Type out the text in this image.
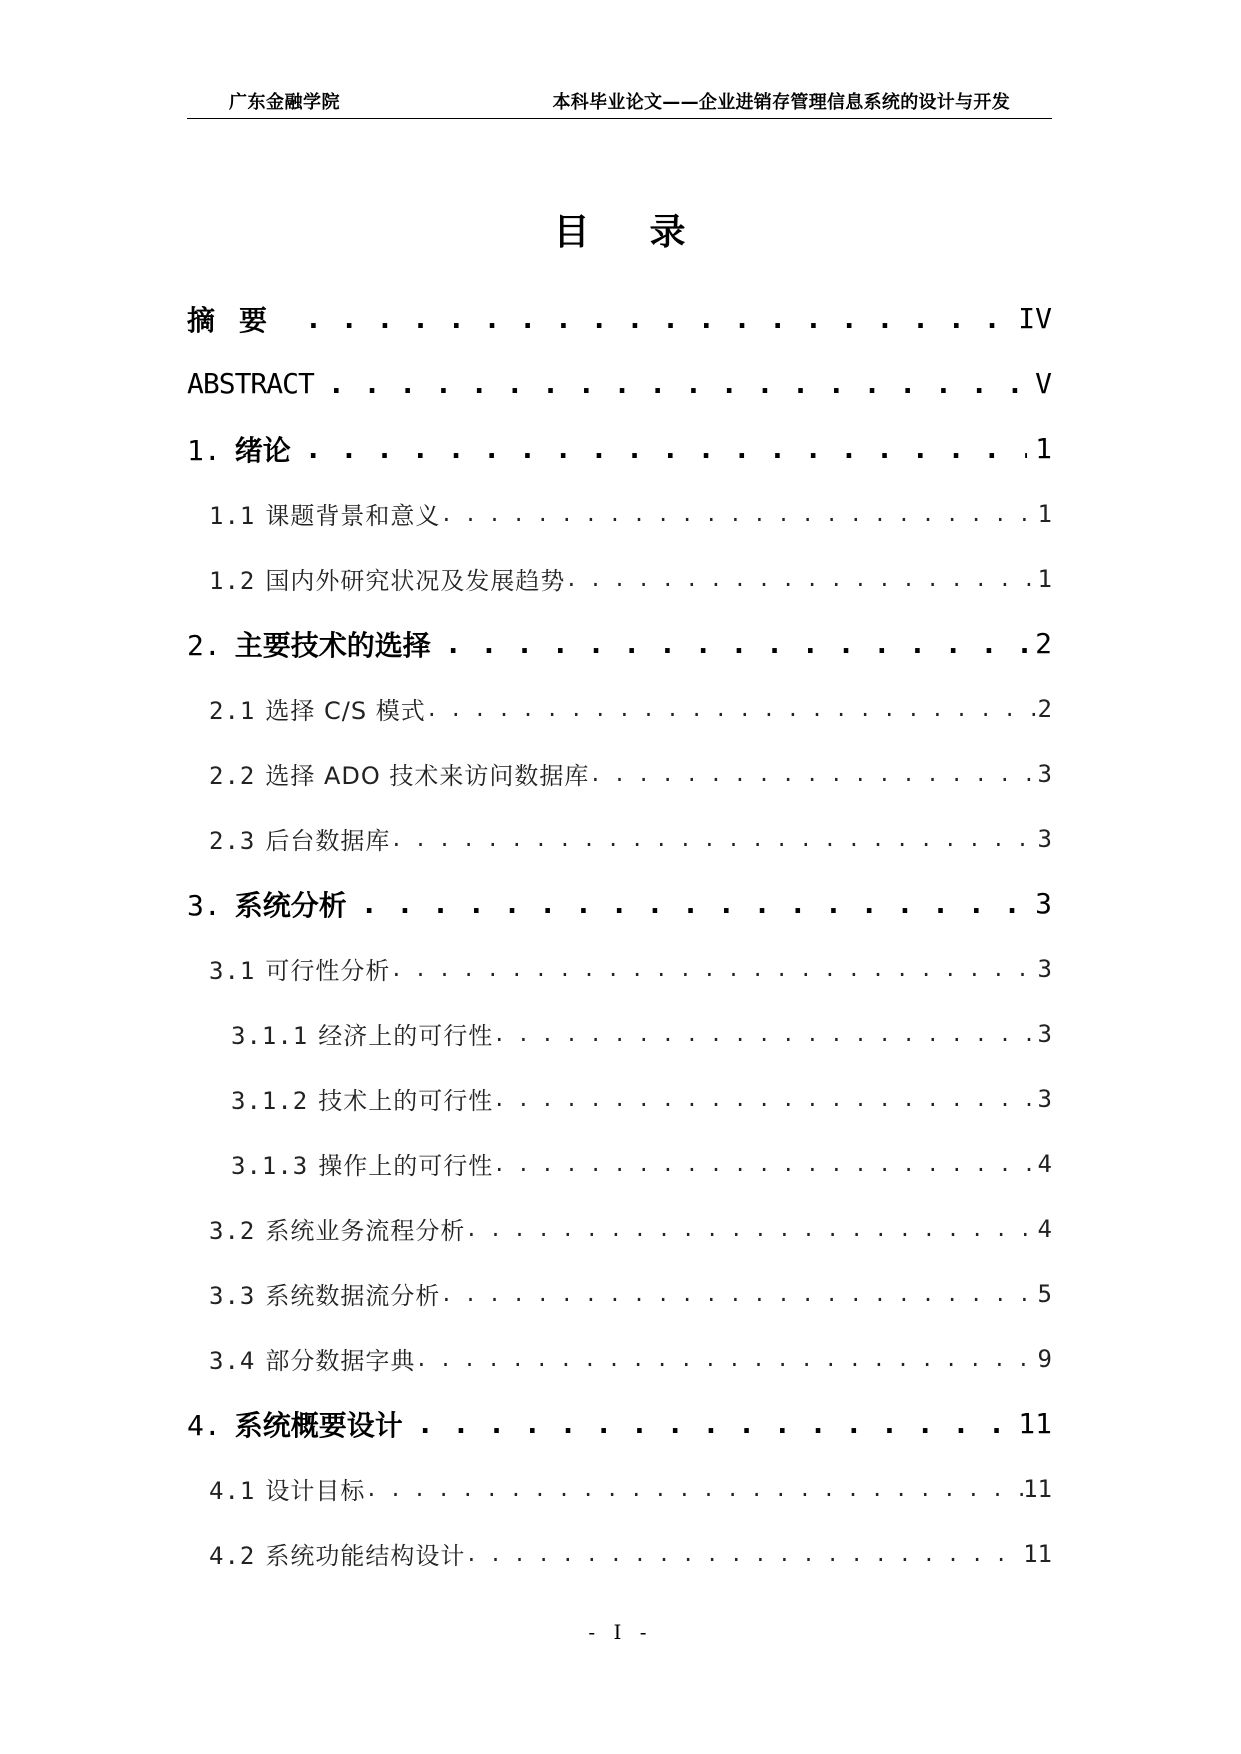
广东金融学院	本科毕业论文——企业进销存管理信息系统的设计与开发
目 录
摘要 . . .	IV
ABSTRACT . . .	V
1. 绪论 . . .	1
1.1 课题背景和意义 . . .	1
1.2 国内外研究状况及发展趋势 . . .	1
2. 主要技术的选择 . . .	2
2.1 选择 C/S 模式 . . .	2
2.2 选择 ADO 技术来访问数据库 . . .	3
2.3 后台数据库 . . .	3
3. 系统分析 . . .	3
3.1 可行性分析 . . .	3
3.1.1 经济上的可行性 . . .	3
3.1.2 技术上的可行性 . . .	3
3.1.3 操作上的可行性 . . .	4
3.2 系统业务流程分析 . . .	4
3.3 系统数据流分析 . . .	5
3.4 部分数据字典 . . .	9
4. 系统概要设计 . . .	11
4.1 设计目标 . . .	11
4.2 系统功能结构设计 . . .	11
- I -
